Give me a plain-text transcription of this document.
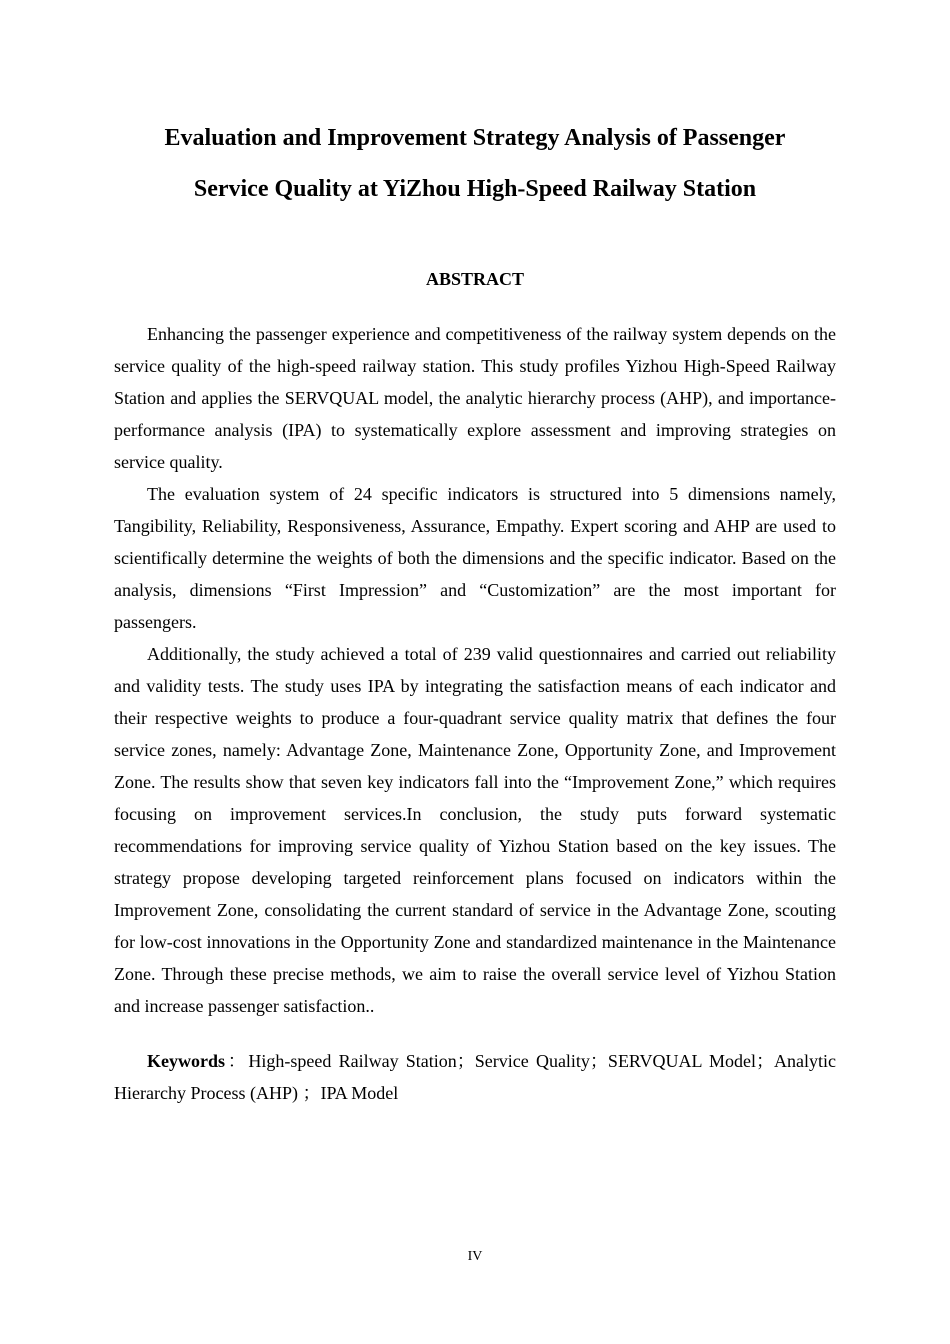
Evaluation and Improvement Strategy Analysis of Passenger
Service Quality at YiZhou High-Speed Railway Station
ABSTRACT

Enhancing the passenger experience and competitiveness of the railway system depends on the service quality of the high-speed railway station. This study profiles Yizhou High-Speed Railway Station and applies the SERVQUAL model, the analytic hierarchy process (AHP), and importance-performance analysis (IPA) to systematically explore assessment and improving strategies on service quality.

The evaluation system of 24 specific indicators is structured into 5 dimensions namely, Tangibility, Reliability, Responsiveness, Assurance, Empathy. Expert scoring and AHP are used to scientifically determine the weights of both the dimensions and the specific indicator. Based on the analysis, dimensions “First Impression” and “Customization” are the most important for passengers.

Additionally, the study achieved a total of 239 valid questionnaires and carried out reliability and validity tests. The study uses IPA by integrating the satisfaction means of each indicator and their respective weights to produce a four-quadrant service quality matrix that defines the four service zones, namely: Advantage Zone, Maintenance Zone, Opportunity Zone, and Improvement Zone. The results show that seven key indicators fall into the “Improvement Zone,” which requires focusing on improvement services.In conclusion, the study puts forward systematic recommendations for improving service quality of Yizhou Station based on the key issues. The strategy propose developing targeted reinforcement plans focused on indicators within the Improvement Zone, consolidating the current standard of service in the Advantage Zone, scouting for low-cost innovations in the Opportunity Zone and standardized maintenance in the Maintenance Zone. Through these precise methods, we aim to raise the overall service level of Yizhou Station and increase passenger satisfaction..

Keywords：High-speed Railway Station；Service Quality；SERVQUAL Model；Analytic Hierarchy Process (AHP) ；IPA Model

IV
